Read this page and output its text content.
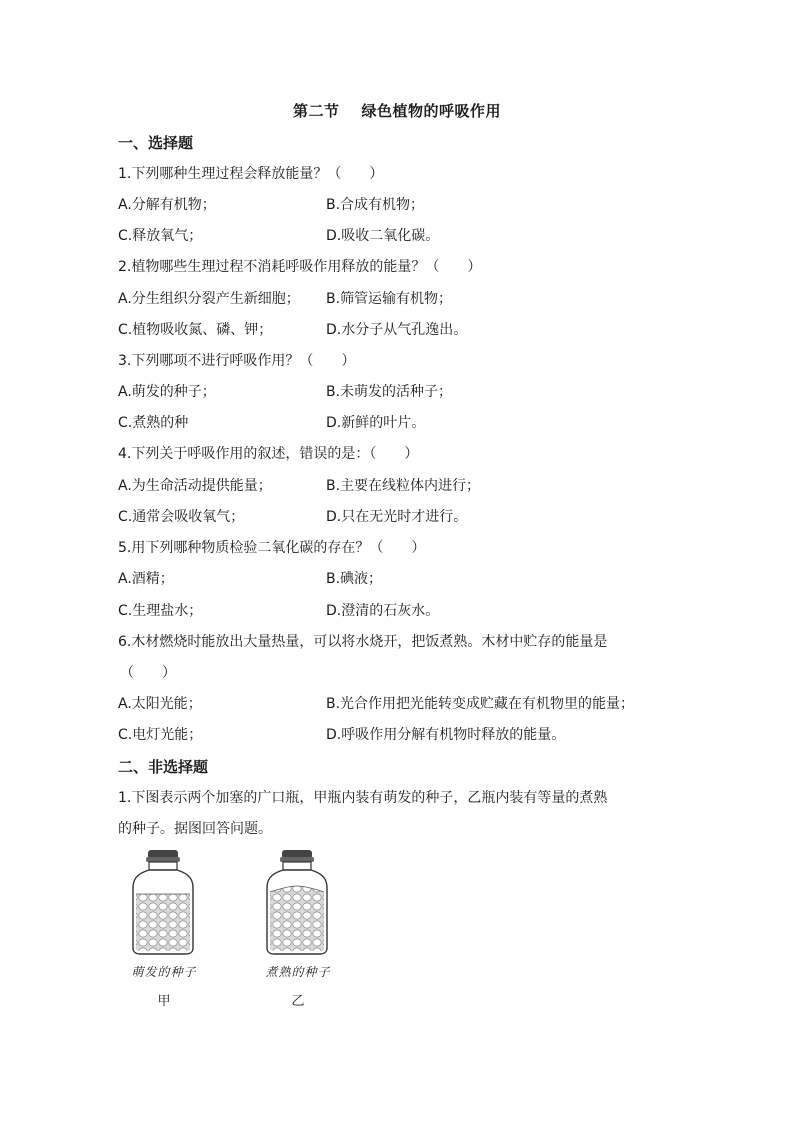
第二节 绿色植物的呼吸作用
一、选择题
1.下列哪种生理过程会释放能量？（　　）
A.分解有机物；	B.合成有机物；
C.释放氧气；	D.吸收二氧化碳。
2.植物哪些生理过程不消耗呼吸作用释放的能量？（　　）
A.分生组织分裂产生新细胞； B.筛管运输有机物；
C.植物吸收氮、磷、钾；	D.水分子从气孔逸出。
3.下列哪项不进行呼吸作用？（　　）
A.萌发的种子；	B.未萌发的活种子；
C.煮熟的种	D.新鲜的叶片。
4.下列关于呼吸作用的叙述，错误的是：（　　）
A.为生命活动提供能量；	B.主要在线粒体内进行；
C.通常会吸收氧气；	D.只在无光时才进行。
5.用下列哪种物质检验二氧化碳的存在？（　　）
A.酒精；	B.碘液；
C.生理盐水；	D.澄清的石灰水。
6.木材燃烧时能放出大量热量，可以将水烧开，把饭煮熟。木材中贮存的能量是
（　　）
A.太阳光能；	B.光合作用把光能转变成贮藏在有机物里的能量；
C.电灯光能；	D.呼吸作用分解有机物时释放的能量。
二、非选择题
1.下图表示两个加塞的广口瓶，甲瓶内装有萌发的种子，乙瓶内装有等量的煮熟
的种子。据图回答问题。
萌发的种子
甲
煮熟的种子
乙
